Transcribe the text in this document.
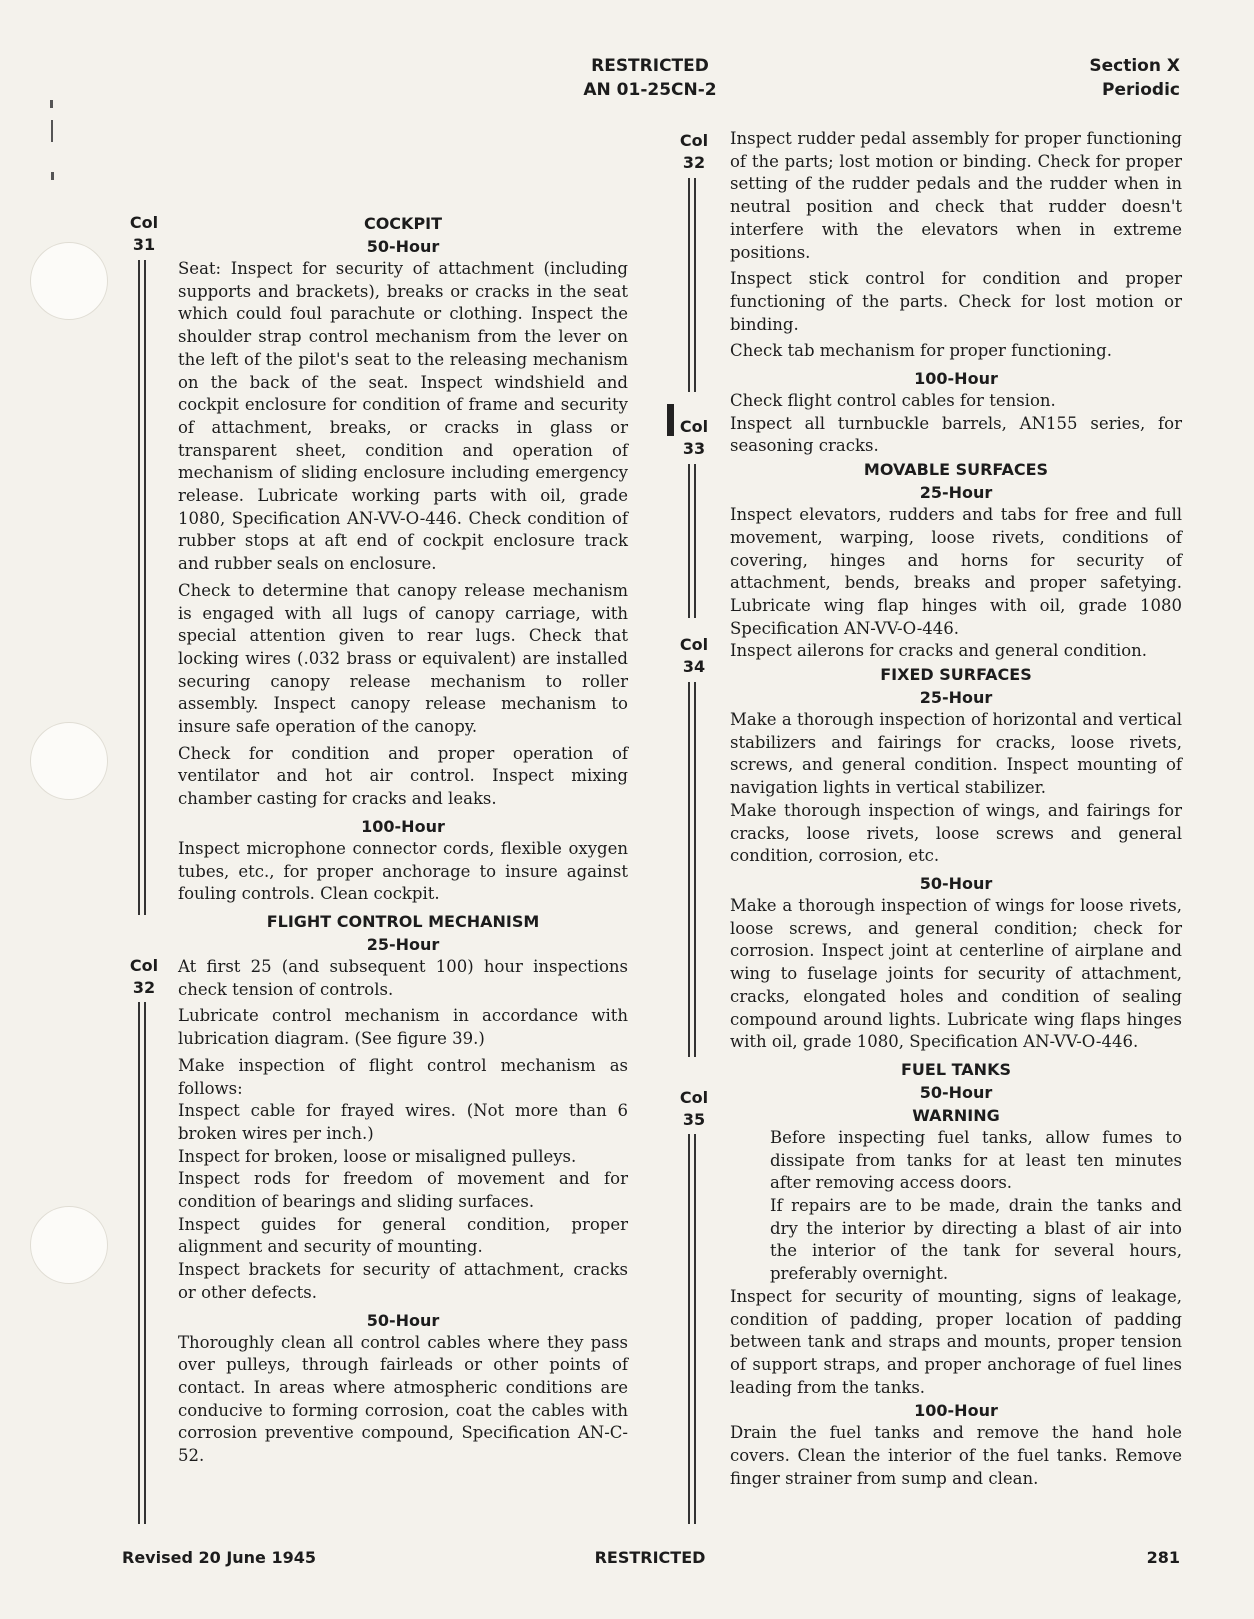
RESTRICTED
AN 01-25CN-2
Section X
Periodic
Col
31
Col
32
Col
32
Col
33
Col
34
Col
35
COCKPIT
50-Hour

Seat: Inspect for security of attachment (including supports and brackets), breaks or cracks in the seat which could foul parachute or clothing. Inspect the shoulder strap control mechanism from the lever on the left of the pilot's seat to the releasing mechanism on the back of the seat. Inspect windshield and cockpit enclosure for condition of frame and security of attachment, breaks, or cracks in glass or transparent sheet, condition and operation of mechanism of sliding enclosure including emergency release. Lubricate working parts with oil, grade 1080, Specification AN-VV-O-446. Check condition of rubber stops at aft end of cockpit enclosure track and rubber seals on enclosure.

Check to determine that canopy release mechanism is engaged with all lugs of canopy carriage, with special attention given to rear lugs. Check that locking wires (.032 brass or equivalent) are installed securing canopy release mechanism to roller assembly. Inspect canopy release mechanism to insure safe operation of the canopy.

Check for condition and proper operation of ventilator and hot air control. Inspect mixing chamber casting for cracks and leaks.

100-Hour

Inspect microphone connector cords, flexible oxygen tubes, etc., for proper anchorage to insure against fouling controls. Clean cockpit.

FLIGHT CONTROL MECHANISM
25-Hour

At first 25 (and subsequent 100) hour inspections check tension of controls.

Lubricate control mechanism in accordance with lubrication diagram. (See figure 39.)

Make inspection of flight control mechanism as follows:

Inspect cable for frayed wires. (Not more than 6 broken wires per inch.)

Inspect for broken, loose or misaligned pulleys.

Inspect rods for freedom of movement and for condition of bearings and sliding surfaces.

Inspect guides for general condition, proper alignment and security of mounting.

Inspect brackets for security of attachment, cracks or other defects.

50-Hour

Thoroughly clean all control cables where they pass over pulleys, through fairleads or other points of contact. In areas where atmospheric conditions are conducive to forming corrosion, coat the cables with corrosion preventive compound, Specification AN-C-52.

Inspect rudder pedal assembly for proper functioning of the parts; lost motion or binding. Check for proper setting of the rudder pedals and the rudder when in neutral position and check that rudder doesn't interfere with the elevators when in extreme positions.

Inspect stick control for condition and proper functioning of the parts. Check for lost motion or binding.

Check tab mechanism for proper functioning.

100-Hour

Check flight control cables for tension.

Inspect all turnbuckle barrels, AN155 series, for seasoning cracks.

MOVABLE SURFACES
25-Hour

Inspect elevators, rudders and tabs for free and full movement, warping, loose rivets, conditions of covering, hinges and horns for security of attachment, bends, breaks and proper safetying. Lubricate wing flap hinges with oil, grade 1080 Specification AN-VV-O-446.

Inspect ailerons for cracks and general condition.

FIXED SURFACES
25-Hour

Make a thorough inspection of horizontal and vertical stabilizers and fairings for cracks, loose rivets, screws, and general condition. Inspect mounting of navigation lights in vertical stabilizer.

Make thorough inspection of wings, and fairings for cracks, loose rivets, loose screws and general condition, corrosion, etc.

50-Hour

Make a thorough inspection of wings for loose rivets, loose screws, and general condition; check for corrosion. Inspect joint at centerline of airplane and wing to fuselage joints for security of attachment, cracks, elongated holes and condition of sealing compound around lights. Lubricate wing flaps hinges with oil, grade 1080, Specification AN-VV-O-446.

FUEL TANKS
50-Hour
WARNING

Before inspecting fuel tanks, allow fumes to dissipate from tanks for at least ten minutes after removing access doors.

If repairs are to be made, drain the tanks and dry the interior by directing a blast of air into the interior of the tank for several hours, preferably overnight.

Inspect for security of mounting, signs of leakage, condition of padding, proper location of padding between tank and straps and mounts, proper tension of support straps, and proper anchorage of fuel lines leading from the tanks.

100-Hour

Drain the fuel tanks and remove the hand hole covers. Clean the interior of the fuel tanks. Remove finger strainer from sump and clean.

Revised 20 June 1945	RESTRICTED	281
